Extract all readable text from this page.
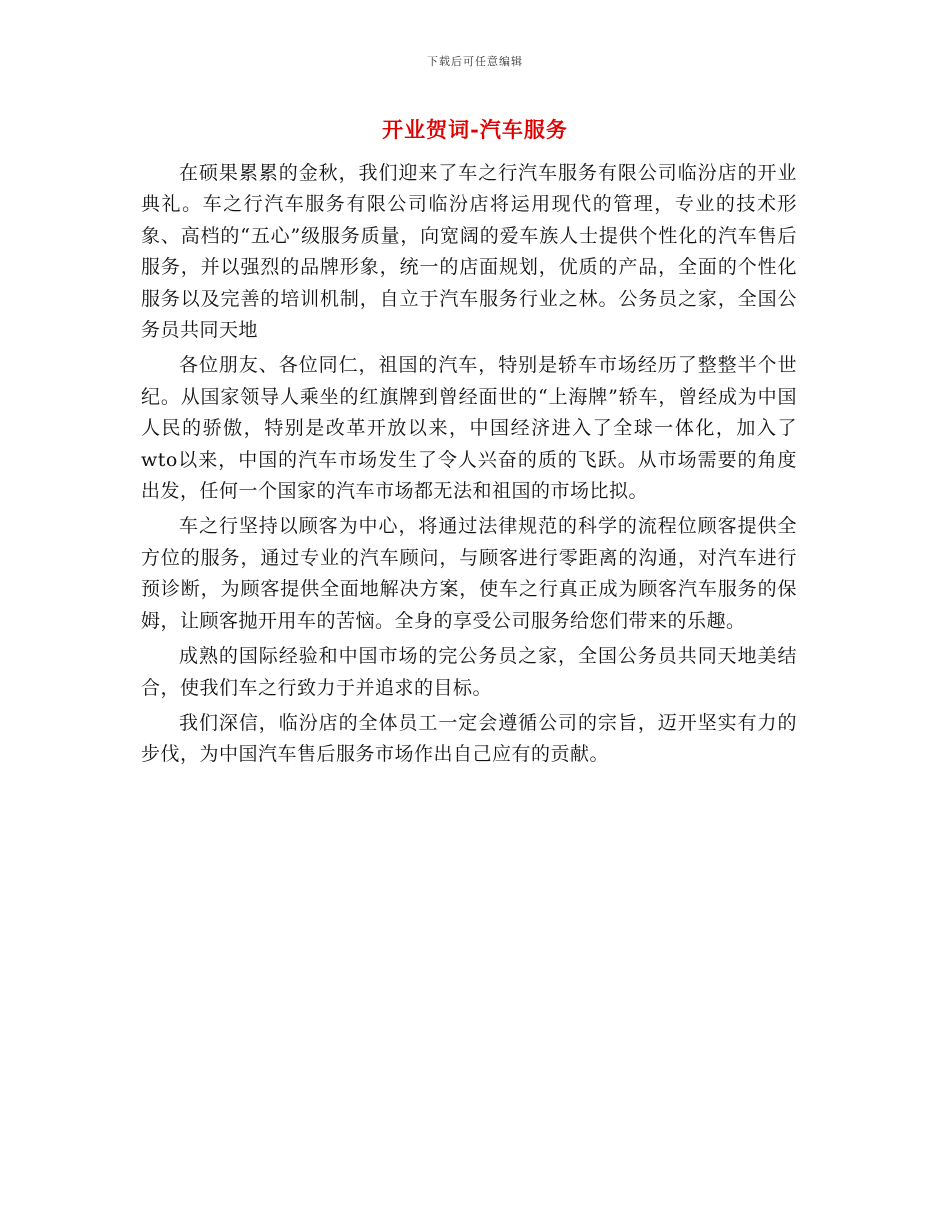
下载后可任意编辑
开业贺词-汽车服务

在硕果累累的金秋，我们迎来了车之行汽车服务有限公司临汾店的开业典礼。车之行汽车服务有限公司临汾店将运用现代的管理，专业的技术形象、高档的“五心”级服务质量，向宽阔的爱车族人士提供个性化的汽车售后服务，并以强烈的品牌形象，统一的店面规划，优质的产品，全面的个性化服务以及完善的培训机制，自立于汽车服务行业之林。公务员之家，全国公务员共同天地

各位朋友、各位同仁，祖国的汽车，特别是轿车市场经历了整整半个世纪。从国家领导人乘坐的红旗牌到曾经面世的“上海牌”轿车，曾经成为中国人民的骄傲，特别是改革开放以来，中国经济进入了全球一体化，加入了wto以来，中国的汽车市场发生了令人兴奋的质的飞跃。从市场需要的角度出发，任何一个国家的汽车市场都无法和祖国的市场比拟。

车之行坚持以顾客为中心，将通过法律规范的科学的流程位顾客提供全方位的服务，通过专业的汽车顾问，与顾客进行零距离的沟通，对汽车进行预诊断，为顾客提供全面地解决方案，使车之行真正成为顾客汽车服务的保姆，让顾客抛开用车的苦恼。全身的享受公司服务给您们带来的乐趣。

成熟的国际经验和中国市场的完公务员之家，全国公务员共同天地美结合，使我们车之行致力于并追求的目标。

我们深信，临汾店的全体员工一定会遵循公司的宗旨，迈开坚实有力的步伐，为中国汽车售后服务市场作出自己应有的贡献。
